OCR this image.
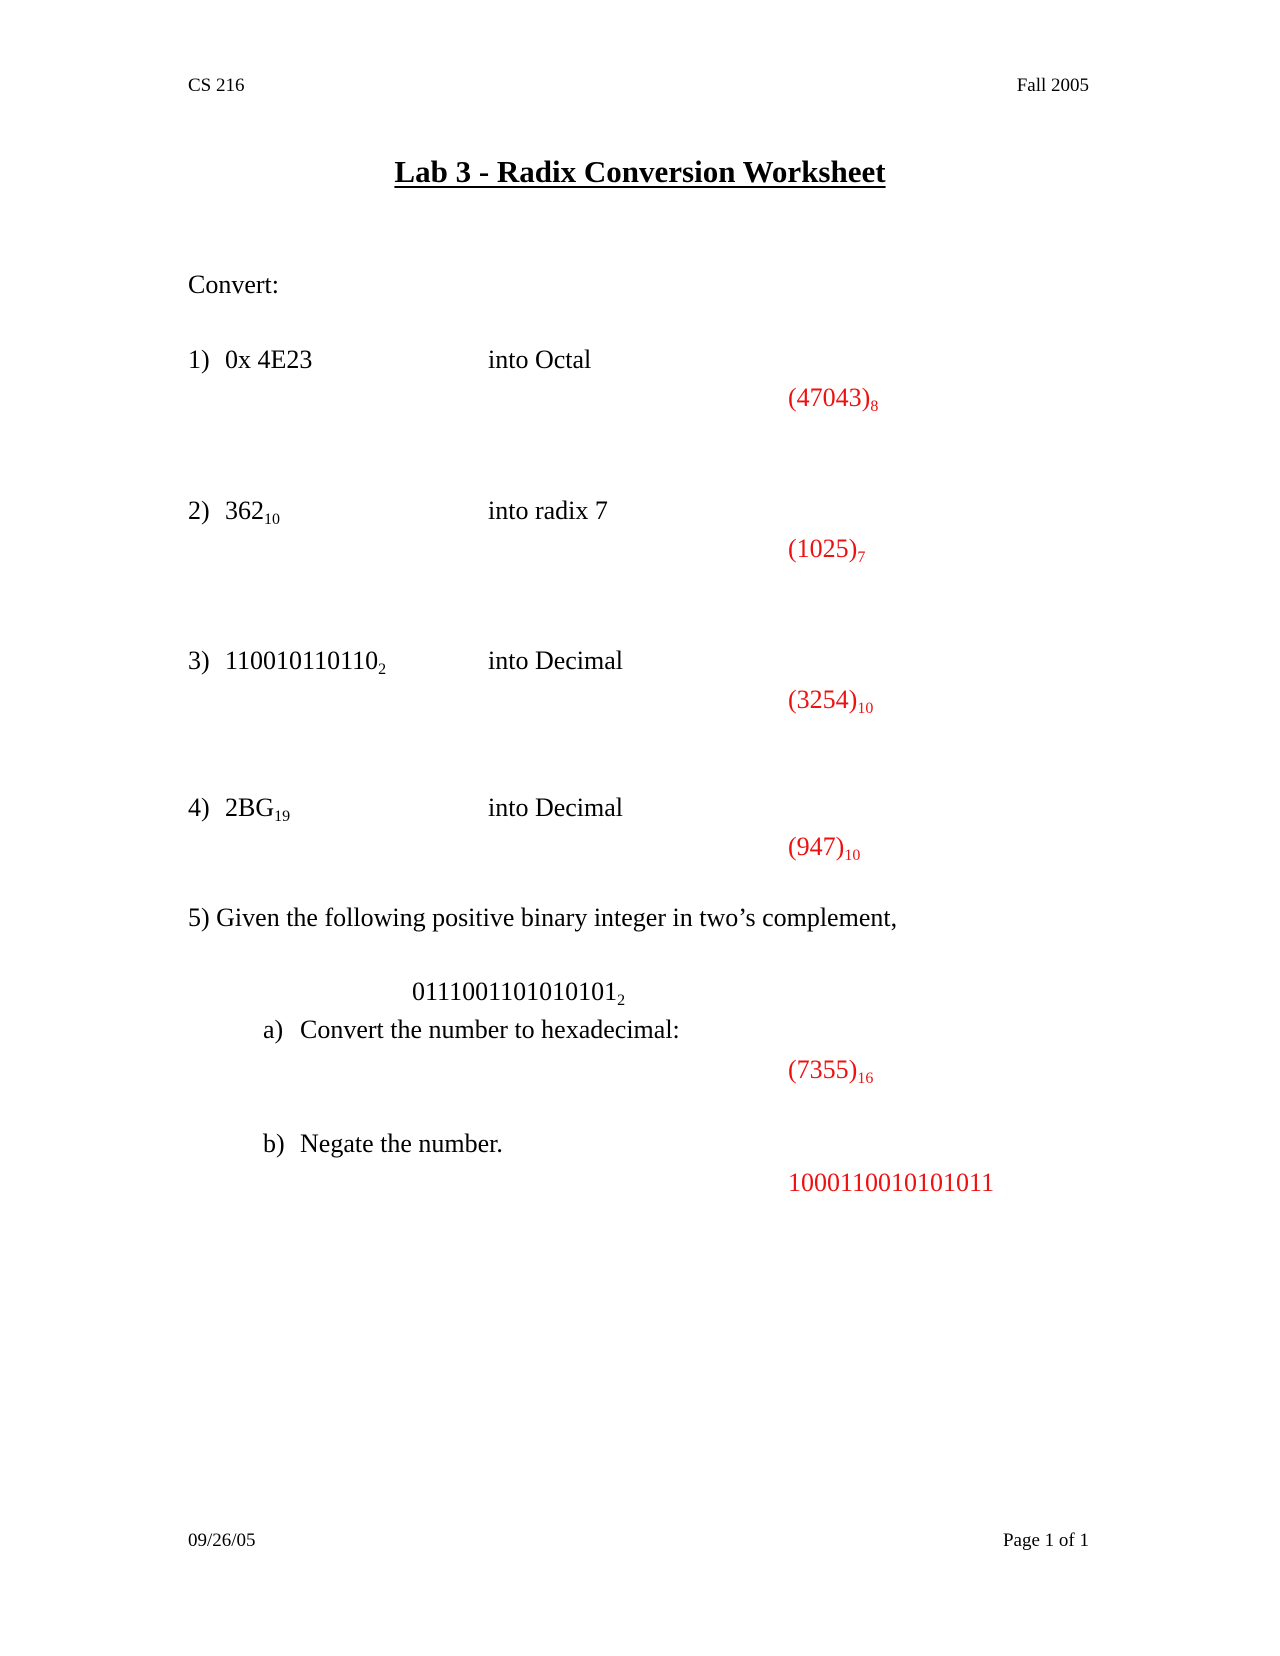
CS 216	Fall 2005
Lab 3 - Radix Conversion Worksheet
Convert:
1) 0x 4E23	into Octal
$(47043)_8$
2) $362_{10}$	into radix 7
$(1025)_7$
3) $110010110110_2$	into Decimal
$(3254)_{10}$
4) $2BG_{19}$	into Decimal
$(947)_{10}$
5) Given the following positive binary integer in two’s complement,
$0111001101010101_2$
a) Convert the number to hexadecimal:
$(7355)_{16}$
b) Negate the number.
1000110010101011
09/26/05	Page 1 of 1
